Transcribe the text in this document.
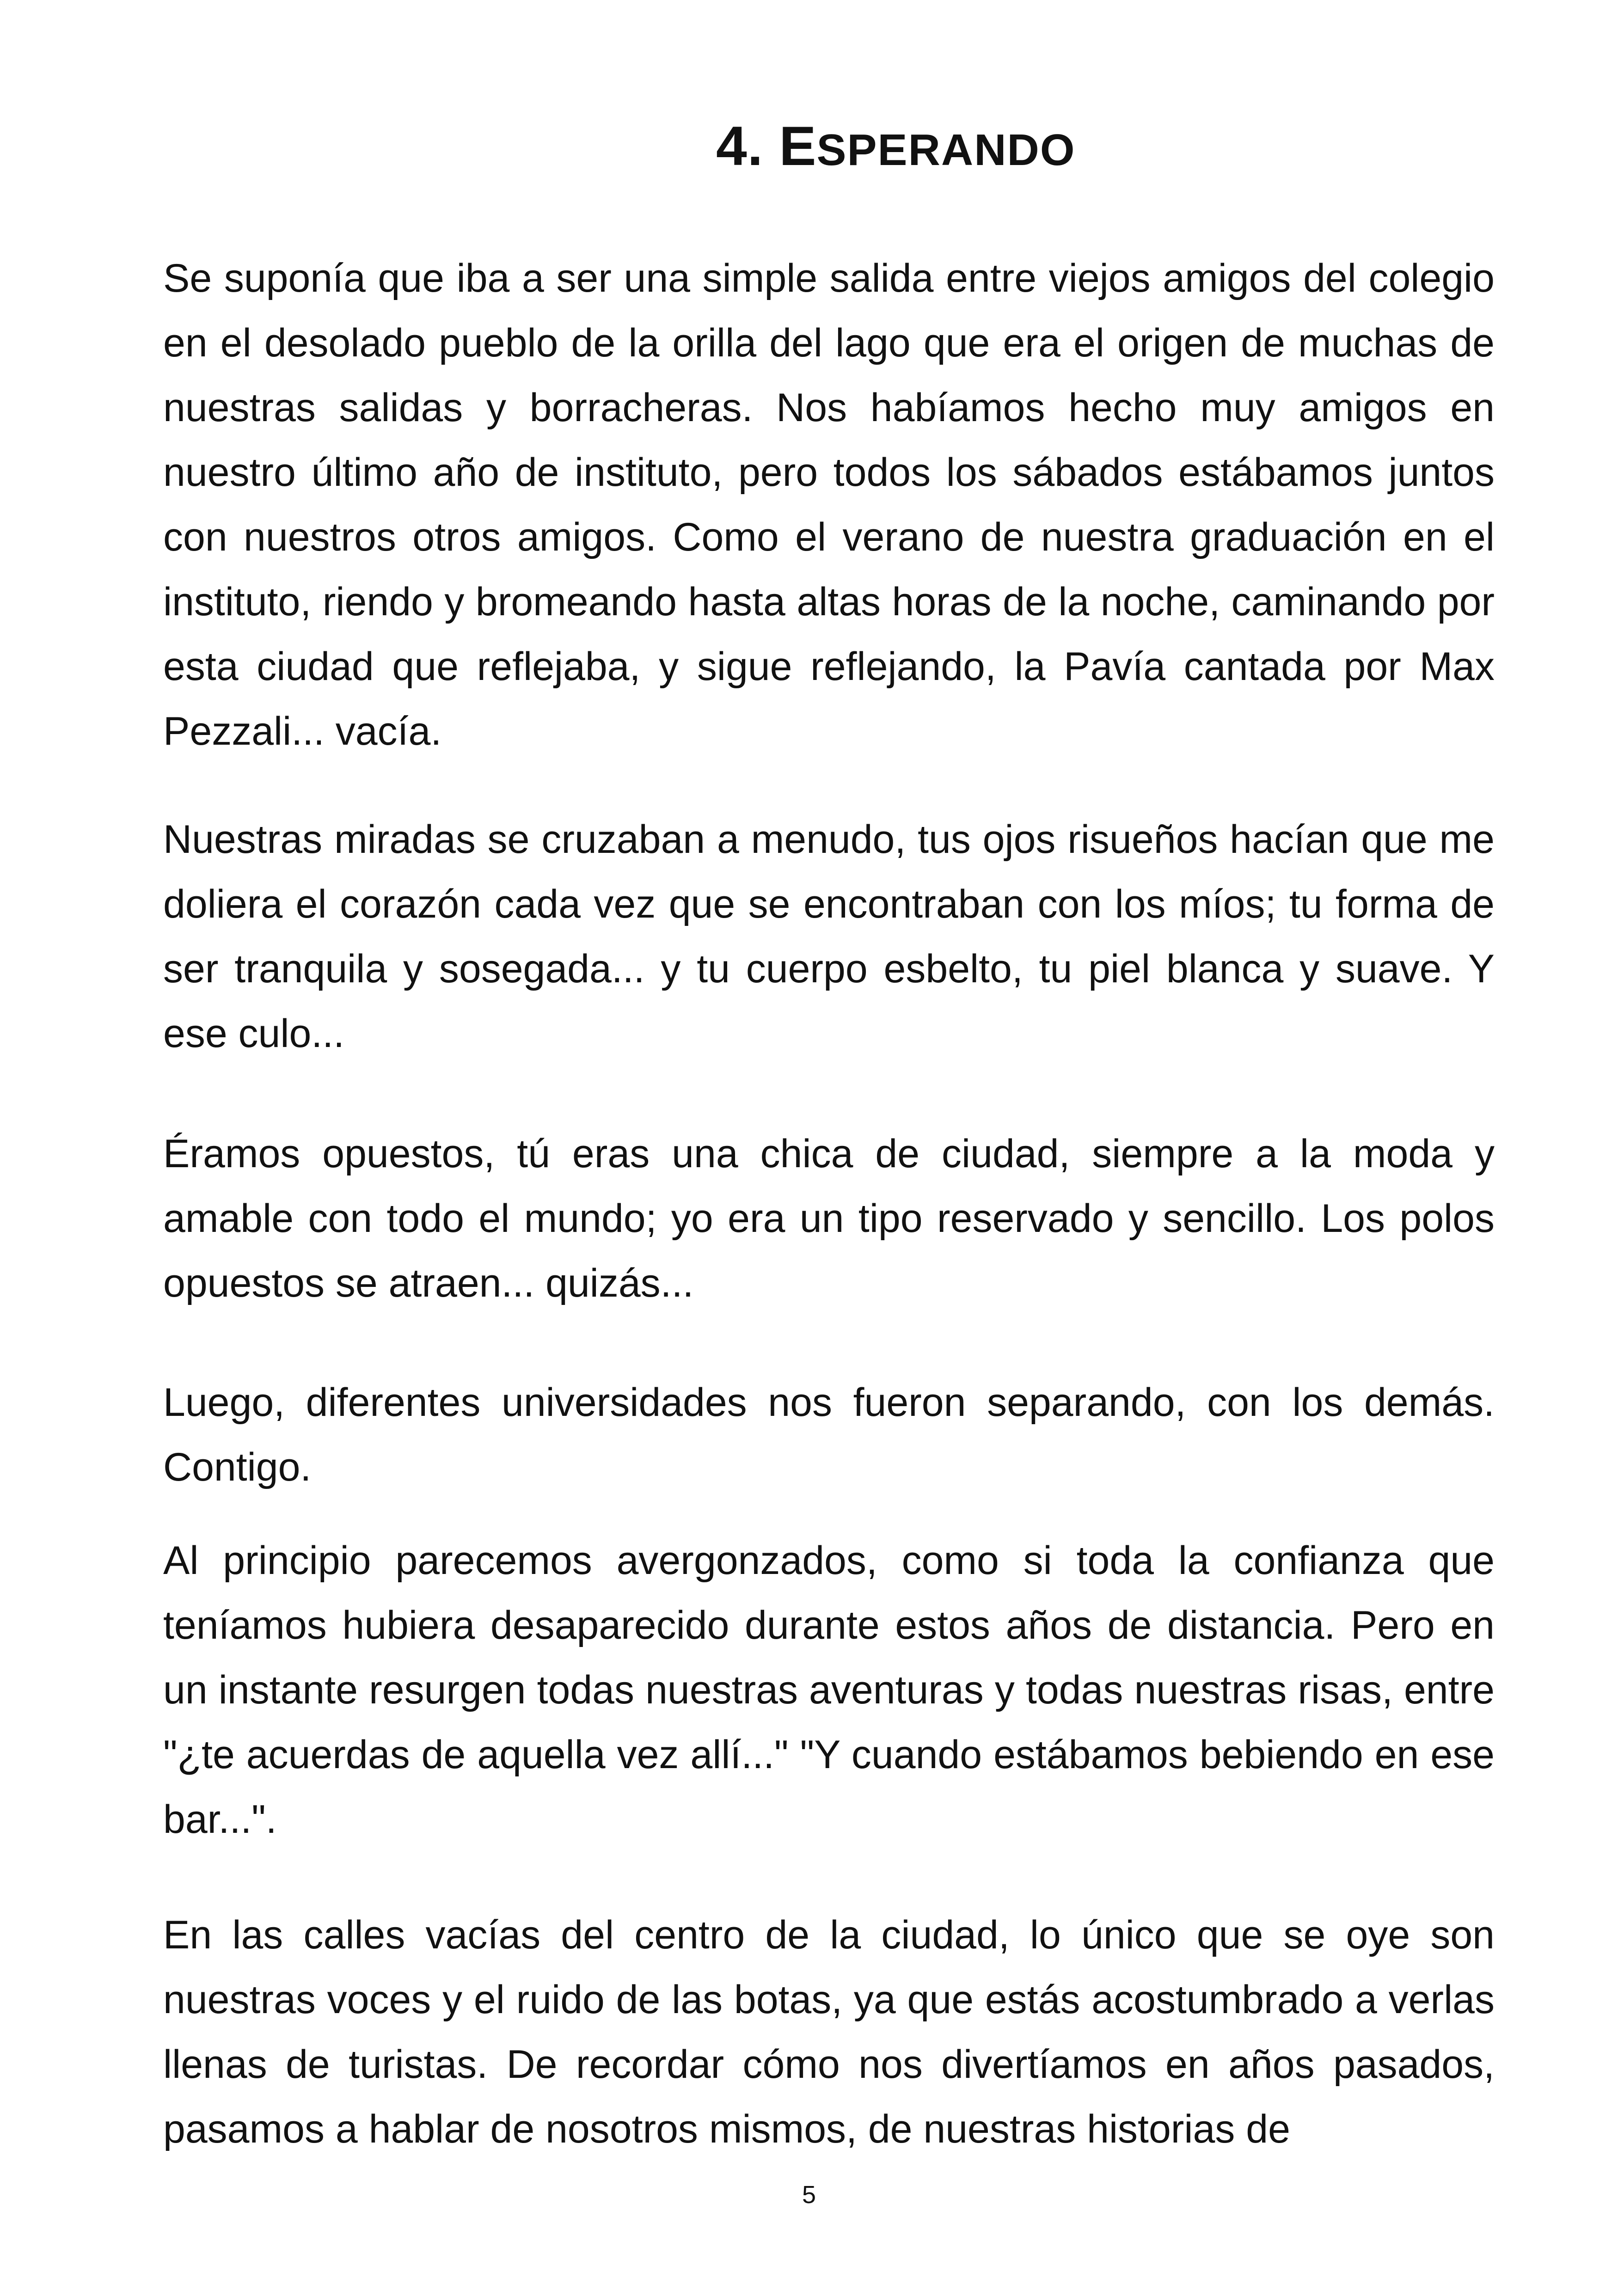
4. ESPERANDO

Se suponía que iba a ser una simple salida entre viejos amigos del colegio en el desolado pueblo de la orilla del lago que era el origen de muchas de nuestras salidas y borracheras. Nos habíamos hecho muy amigos en nuestro último año de instituto, pero todos los sábados estábamos juntos con nuestros otros amigos. Como el verano de nuestra graduación en el instituto, riendo y bromeando hasta altas horas de la noche, caminando por esta ciudad que reflejaba, y sigue reflejando, la Pavía cantada por Max Pezzali... vacía.

Nuestras miradas se cruzaban a menudo, tus ojos risueños hacían que me doliera el corazón cada vez que se encontraban con los míos; tu forma de ser tranquila y sosegada... y tu cuerpo esbelto, tu piel blanca y suave. Y ese culo...

Éramos opuestos, tú eras una chica de ciudad, siempre a la moda y amable con todo el mundo; yo era un tipo reservado y sencillo. Los polos opuestos se atraen... quizás...

Luego, diferentes universidades nos fueron separando, con los demás. Contigo.

Al principio parecemos avergonzados, como si toda la confianza que teníamos hubiera desaparecido durante estos años de distancia. Pero en un instante resurgen todas nuestras aventuras y todas nuestras risas, entre "¿te acuerdas de aquella vez allí..." "Y cuando estábamos bebiendo en ese bar...".

En las calles vacías del centro de la ciudad, lo único que se oye son nuestras voces y el ruido de las botas, ya que estás acostumbrado a verlas llenas de turistas. De recordar cómo nos divertíamos en años pasados, pasamos a hablar de nosotros mismos, de nuestras historias de

5
